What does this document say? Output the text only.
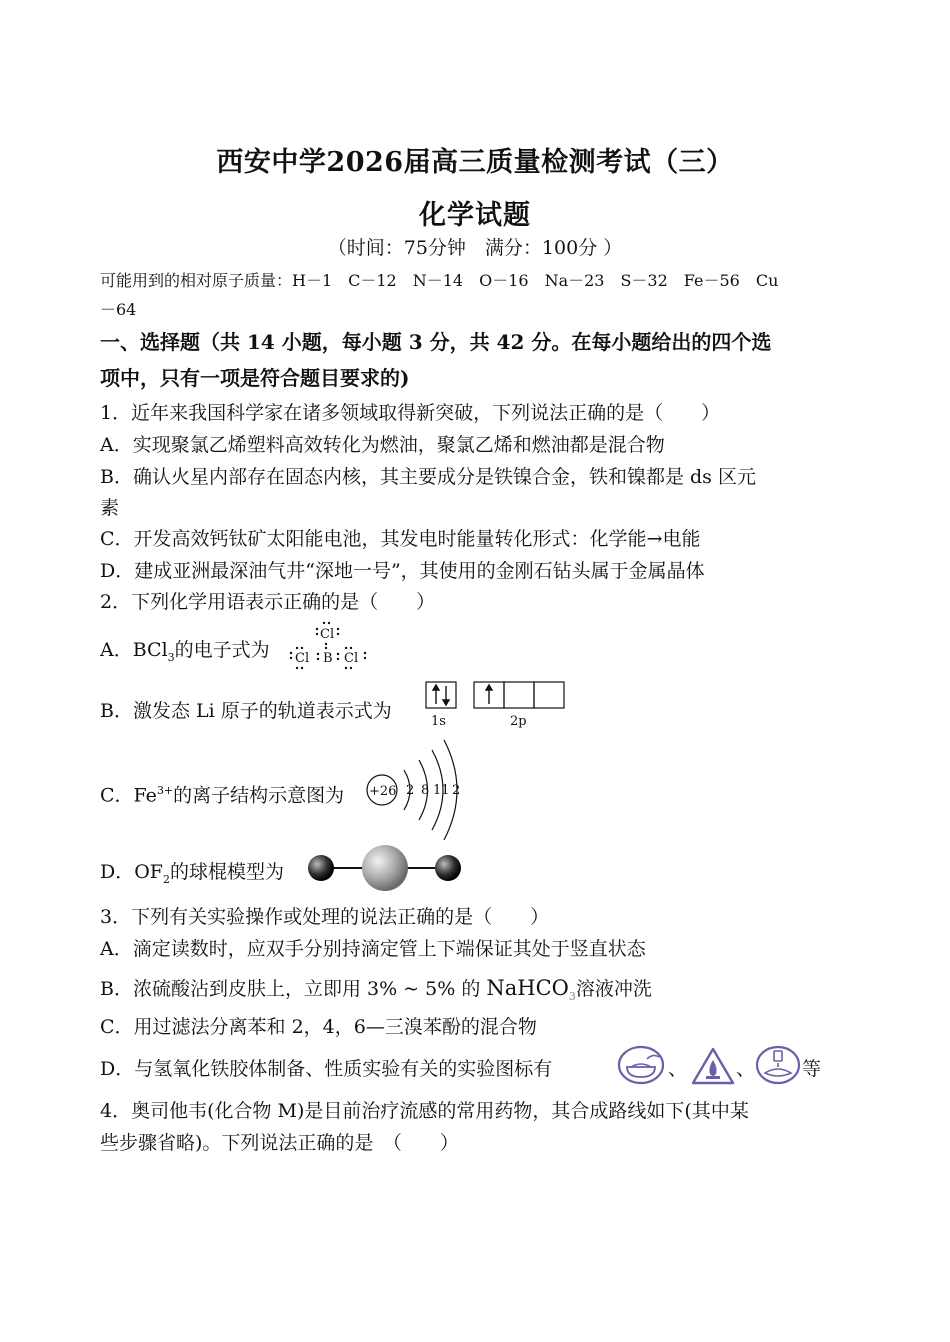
西安中学2026届高三质量检测考试（三）
化学试题
（时间：75分钟　满分：100分 ）
可能用到的相对原子质量：H－1　C－12　N－14　O－16　Na－23　S－32　Fe－56　Cu
－64
一、选择题（共 14 小题，每小题 3 分，共 42 分。在每小题给出的四个选
项中，只有一项是符合题目要求的)
1．近年来我国科学家在诸多领域取得新突破，下列说法正确的是（　　）
A．实现聚氯乙烯塑料高效转化为燃油，聚氯乙烯和燃油都是混合物
B．确认火星内部存在固态内核，其主要成分是铁镍合金，铁和镍都是 ds 区元
素
C．开发高效钙钛矿太阳能电池，其发电时能量转化形式：化学能→电能
D．建成亚洲最深油气井“深地一号”，其使用的金刚石钻头属于金属晶体
2．下列化学用语表示正确的是（　　）
A．BCl$_3$的电子式为
Cl
Cl B Cl
B．激发态 Li 原子的轨道表示式为	1s	2p
C．$Fe^{3+}$的离子结构示意图为	+26 2 8 11 2
D．$OF_2$的球棍模型为
3．下列有关实验操作或处理的说法正确的是（　　）
A．滴定读数时，应双手分别持滴定管上下端保证其处于竖直状态
B．浓硫酸沾到皮肤上，立即用 3% ~ 5% 的 NaHCO$_3$溶液冲洗
C．用过滤法分离苯和 2，4，6—三溴苯酚的混合物
D．与氢氧化铁胶体制备、性质实验有关的实验图标有	、	、 等
4．奥司他韦(化合物 M)是目前治疗流感的常用药物，其合成路线如下(其中某
些步骤省略)。下列说法正确的是　（　　）
